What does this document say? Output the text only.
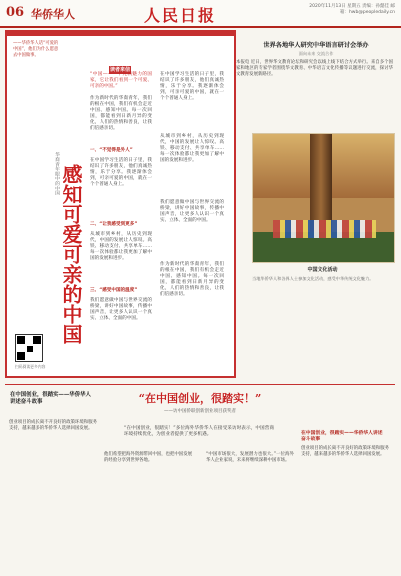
06 华侨华人	人民日报	2020年11月13日 星期五 责编：孙懿佳 邮箱：hwb@peopledaily.cn
读者来信
——华侨华人话“可爱的中国”，他们为什么愿意去中国做事。
感知可爱可亲的中国
华裔青年眼中的中国
“中国——一个充满魅力的国家，它让我们看到一个可爱、可亲的中国。”
作为新时代的华裔青年，我们的根在中国，我们有机会走近中国、感知中国。每一次回国，都能看到日新月异的变化，人们的热情和善良，让我们倍感亲切。
一、“不觉得是外人”
在中国学习生活的日子里，我结识了许多朋友，他们真诚热情，乐于分享。我逐渐体会到，可亲可爱的中国，就在一个个普通人身上。
二、“让我感受到更多”
从城市到乡村，从历史到现代，中国的发展让人惊叹。高铁、移动支付、共享单车……每一次体验都让我更加了解中国的发展和进步。
三、“感受中国的温度”
我们愿意做中国与世界交流的桥梁，讲好中国故事，传播中国声音，让更多人认识一个真实、立体、全面的中国。
在中国学习生活的日子里，我结识了许多朋友，他们真诚热情，乐于分享。我逐渐体会到，可亲可爱的中国，就在一个个普通人身上。
从城市到乡村，从历史到现代，中国的发展让人惊叹。高铁、移动支付、共享单车……每一次体验都让我更加了解中国的发展和进步。
我们愿意做中国与世界交流的桥梁，讲好中国故事，传播中国声音，让更多人认识一个真实、立体、全面的中国。
作为新时代的华裔青年，我们的根在中国，我们有机会走近中国、感知中国。每一次回国，都能看到日新月异的变化，人们的热情和善良，让我们倍感亲切。
扫码阅读更多内容
世界各地华人研究中华语言研讨会举办
面向未来 交流合作
本报电 近日，世界华文教育论坛和研究会以线上线下结合方式举行。来自多个国家和地区的专家学者围绕华文教育、中华语言文化传播等议题进行交流，探讨华文教育发展新路径。
中国文化活动
当地华侨华人和各界人士参加文化活动，感受中华传统文化魅力。
在中国创业，很踏实——华侨华人讲述奋斗故事	“在中国创业，很踏实！”
——访中国侨联创新创业项目获奖者
“在中国创业，很踏实！”多位海外华侨华人在接受采访时表示，中国营商环境持续优化，为创业者提供了更多机遇。
创业项目的成长离不开良好的政策环境和服务支持，越来越多的华侨华人选择回国发展。
他们希望把海外资源带回中国，也把中国发展的经验分享到世界各地。
“中国市场很大，发展潜力也很大。”一位海外华人企业家说，未来将继续深耕中国市场。
在中国创业，很踏实——华侨华人讲述奋斗故事
创业项目的成长离不开良好的政策环境和服务支持，越来越多的华侨华人选择回国发展。
